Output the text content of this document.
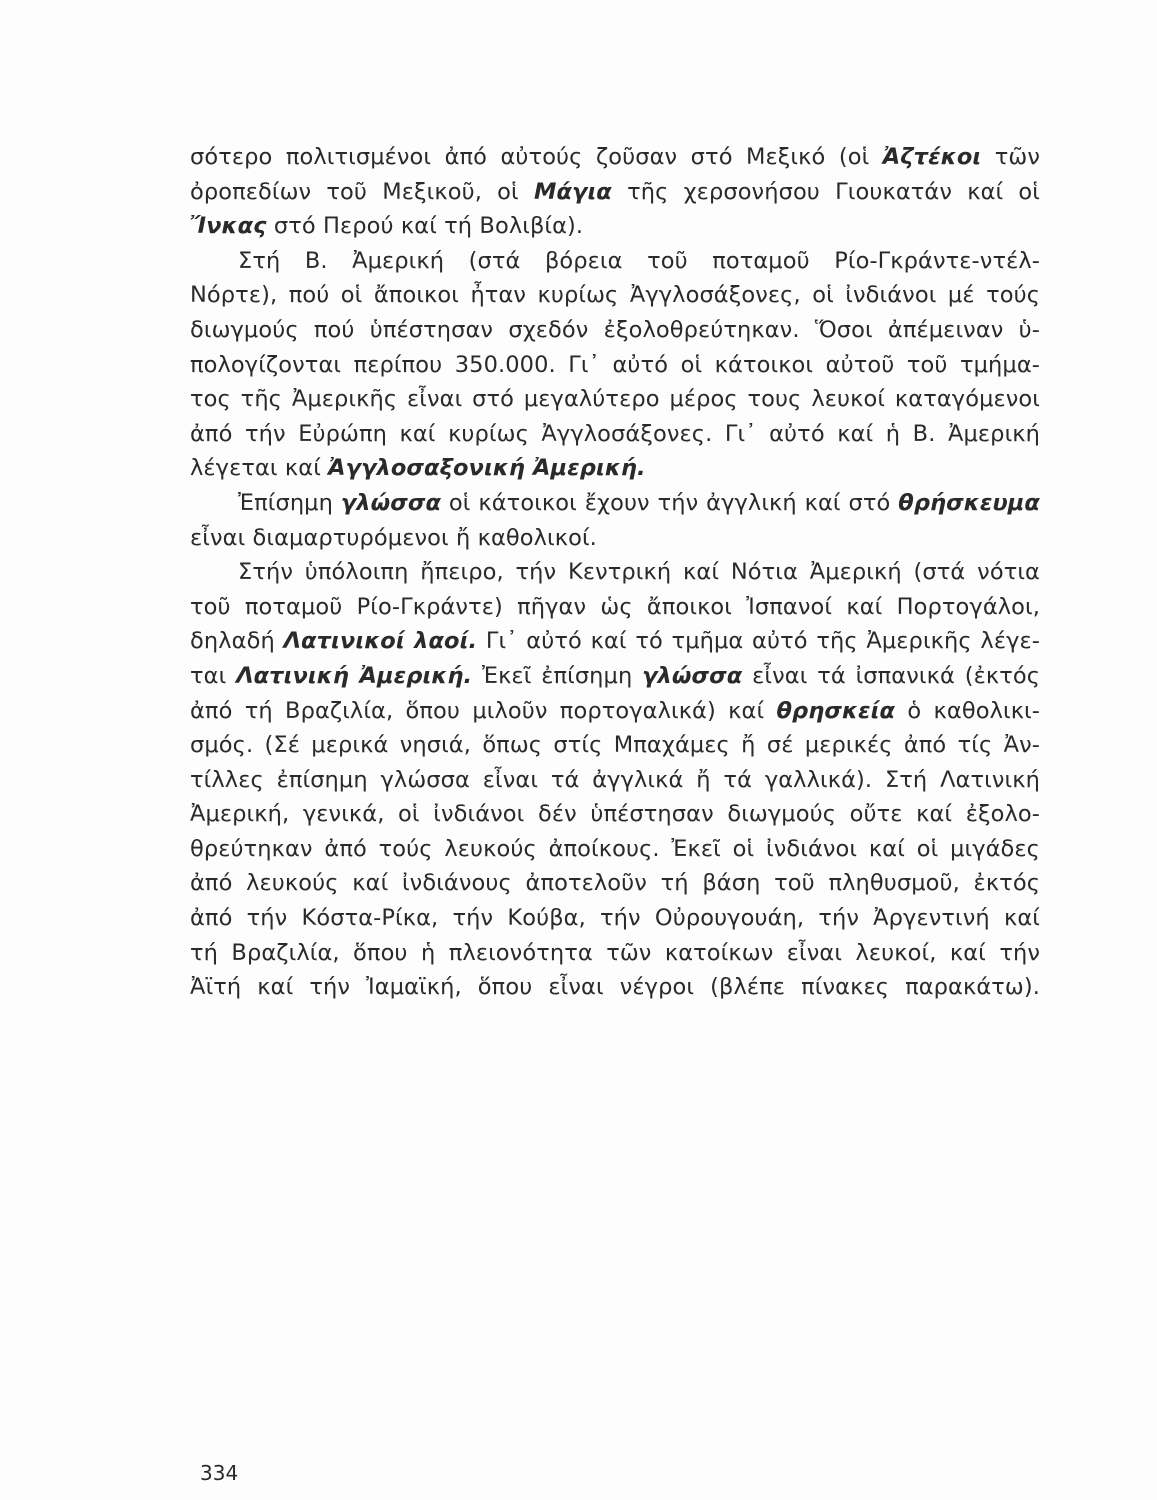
σότερο πολιτισμένοι ἀπό αὐτούς ζοῦσαν στό Μεξικό (οἱ Ἀζτέκοι τῶν
ὀροπεδίων τοῦ Μεξικοῦ, οἱ Μάγια τῆς χερσονήσου Γιουκατάν καί οἱ
Ἴνκας στό Περού καί τή Βολιβία).
Στή Β. Ἀμερική (στά βόρεια τοῦ ποταμοῦ Ρίο-Γκράντε-ντέλ-
Νόρτε), πού οἱ ἄποικοι ἦταν κυρίως Ἀγγλοσάξονες, οἱ ἰνδιάνοι μέ τούς
διωγμούς πού ὑπέστησαν σχεδόν ἐξολοθρεύτηκαν. Ὅσοι ἀπέμειναν ὑ-
πολογίζονται περίπου 350.000. Γι᾽ αὐτό οἱ κάτοικοι αὐτοῦ τοῦ τμήμα-
τος τῆς Ἀμερικῆς εἶναι στό μεγαλύτερο μέρος τους λευκοί καταγόμενοι
ἀπό τήν Εὐρώπη καί κυρίως Ἀγγλοσάξονες. Γι᾽ αὐτό καί ἡ Β. Ἀμερική
λέγεται καί Ἀγγλοσαξονική Ἀμερική.
Ἐπίσημη γλώσσα οἱ κάτοικοι ἔχουν τήν ἀγγλική καί στό θρήσκευμα
εἶναι διαμαρτυρόμενοι ἤ καθολικοί.
Στήν ὑπόλοιπη ἤπειρο, τήν Κεντρική καί Νότια Ἀμερική (στά νότια
τοῦ ποταμοῦ Ρίο-Γκράντε) πῆγαν ὡς ἄποικοι Ἰσπανοί καί Πορτογάλοι,
δηλαδή Λατινικοί λαοί. Γι᾽ αὐτό καί τό τμῆμα αὐτό τῆς Ἀμερικῆς λέγε-
ται Λατινική Ἀμερική. Ἐκεῖ ἐπίσημη γλώσσα εἶναι τά ἰσπανικά (ἐκτός
ἀπό τή Βραζιλία, ὅπου μιλοῦν πορτογαλικά) καί θρησκεία ὁ καθολικι-
σμός. (Σέ μερικά νησιά, ὅπως στίς Μπαχάμες ἤ σέ μερικές ἀπό τίς Ἀν-
τίλλες ἐπίσημη γλώσσα εἶναι τά ἀγγλικά ἤ τά γαλλικά). Στή Λατινική
Ἀμερική, γενικά, οἱ ἰνδιάνοι δέν ὑπέστησαν διωγμούς οὔτε καί ἐξολο-
θρεύτηκαν ἀπό τούς λευκούς ἀποίκους. Ἐκεῖ οἱ ἰνδιάνοι καί οἱ μιγάδες
ἀπό λευκούς καί ἰνδιάνους ἀποτελοῦν τή βάση τοῦ πληθυσμοῦ, ἐκτός
ἀπό τήν Κόστα-Ρίκα, τήν Κούβα, τήν Οὐρουγουάη, τήν Ἀργεντινή καί
τή Βραζιλία, ὅπου ἡ πλειονότητα τῶν κατοίκων εἶναι λευκοί, καί τήν
Ἀϊτή καί τήν Ἰαμαϊκή, ὅπου εἶναι νέγροι (βλέπε πίνακες παρακάτω).
334
